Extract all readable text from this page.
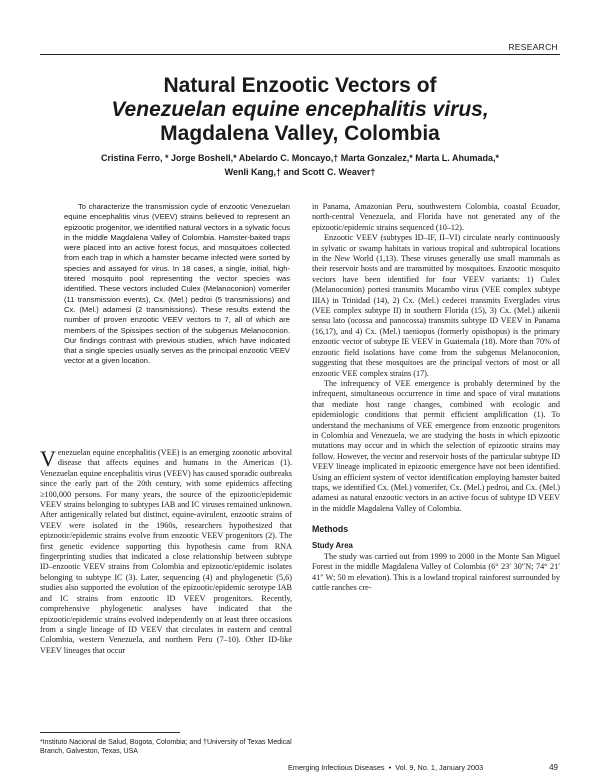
RESEARCH
Natural Enzootic Vectors of
Venezuelan equine encephalitis virus,
Magdalena Valley, Colombia
Cristina Ferro, * Jorge Boshell,* Abelardo C. Moncayo,† Marta Gonzalez,* Marta L. Ahumada,*
Wenli Kang,† and Scott C. Weaver†
To characterize the transmission cycle of enzootic Venezuelan equine encephalitis virus (VEEV) strains believed to represent an epizootic progenitor, we identified natural vectors in a sylvatic focus in the middle Magdalena Valley of Colombia. Hamster-baited traps were placed into an active forest focus, and mosquitoes collected from each trap in which a hamster became infected were sorted by species and assayed for virus. In 18 cases, a single, initial, high-titered mosquito pool representing the vector species was identified. These vectors included Culex (Melanoconion) vomerifer (11 transmission events), Cx. (Mel.) pedroi (5 transmissions) and Cx. (Mel.) adamesi (2 transmissions). These results extend the number of proven enzootic VEEV vectors to 7, all of which are members of the Spissipes section of the subgenus Melanoconion. Our findings contrast with previous studies, which have indicated that a single species usually serves as the principal enzootic VEEV vector at a given location.

Venezuelan equine encephalitis (VEE) is an emerging zoonotic arboviral disease that affects equines and humans in the Americas (1). Venezuelan equine encephalitis virus (VEEV) has caused sporadic outbreaks since the early part of the 20th century, with some epidemics affecting ≥100,000 persons. For many years, the source of the epizootic/epidemic VEEV strains belonging to subtypes IAB and IC viruses remained unknown. After antigenically related but distinct, equine-avirulent, enzootic strains of VEEV were isolated in the 1960s, researchers hypothesized that epizootic/epidemic strains evolve from enzootic VEEV progenitors (2). The first genetic evidence supporting this hypothesis came from RNA fingerprinting studies that indicated a close relationship between subtype ID–enzootic VEEV strains from Colombia and epizootic/epidemic isolates belonging to subtype IC (3). Later, sequencing (4) and phylogenetic (5,6) studies also supported the evolution of the epizootic/epidemic serotype IAB and IC strains from enzootic ID VEEV progenitors. Recently, comprehensive phylogenetic analyses have indicated that the epizootic/epidemic strains evolved independently on at least three occasions from a single lineage of ID VEEV that circulates in eastern and central Colombia, western Venezuela, and northern Peru (7–10). Other ID-like VEEV lineages that occur

in Panama, Amazonian Peru, southwestern Colombia, coastal Ecuador, north-central Venezuela, and Florida have not generated any of the epizootic/epidemic strains sequenced (10–12).

Enzootic VEEV (subtypes ID–IF, II–VI) circulate nearly continuously in sylvatic or swamp habitats in various tropical and subtropical locations in the New World (1,13). These viruses generally use small mammals as their reservoir hosts and are transmitted by mosquitoes. Enzootic mosquito vectors have been identified for four VEEV variants: 1) Culex (Melanoconion) portesi transmits Mucambo virus (VEE complex subtype IIIA) in Trinidad (14), 2) Cx. (Mel.) cedecei transmits Everglades virus (VEE complex subtype II) in southern Florida (15), 3) Cx. (Mel.) aikenii sensu lato (ocossa and panocossa) transmits subtype ID VEEV in Panama (16,17), and 4) Cx. (Mel.) taeniopus (formerly opisthopus) is the primary enzootic vector of subtype IE VEEV in Guatemala (18). More than 70% of enzootic field isolations have come from the subgenus Melanoconion, suggesting that these mosquitoes are the principal vectors of most or all enzootic VEE complex strains (17).

The infrequency of VEE emergence is probably determined by the infrequent, simultaneous occurrence in time and space of viral mutations that mediate host range changes, combined with ecologic and epidemiologic conditions that permit efficient amplification (1). To understand the mechanisms of VEE emergence from enzootic progenitors in Colombia and Venezuela, we are studying the hosts in which epizootic mutations may occur and in which the selection of epizootic strains may follow. However, the vector and reservoir hosts of the particular subtype ID VEEV lineage implicated in epizootic emergence have not been identified. Using an efficient system of vector identification employing hamster baited traps, we identified Cx. (Mel.) vomerifer, Cx. (Mel.) pedroi, and Cx. (Mel.) adamesi as natural enzootic vectors in an active focus of subtype ID VEEV in the middle Magdalena Valley of Colombia.

Methods

Study Area

The study was carried out from 1999 to 2000 in the Monte San Miguel Forest in the middle Magdalena Valley of Colombia (6° 23′ 30″N; 74° 21′ 41″ W; 50 m elevation). This is a lowland tropical rainforest surrounded by cattle ranches cre-

*Instituto Nacional de Salud, Bogota, Colombia; and †University of Texas Medical Branch, Galveston, Texas, USA
Emerging Infectious Diseases  •  Vol. 9, No. 1, January 2003	49
